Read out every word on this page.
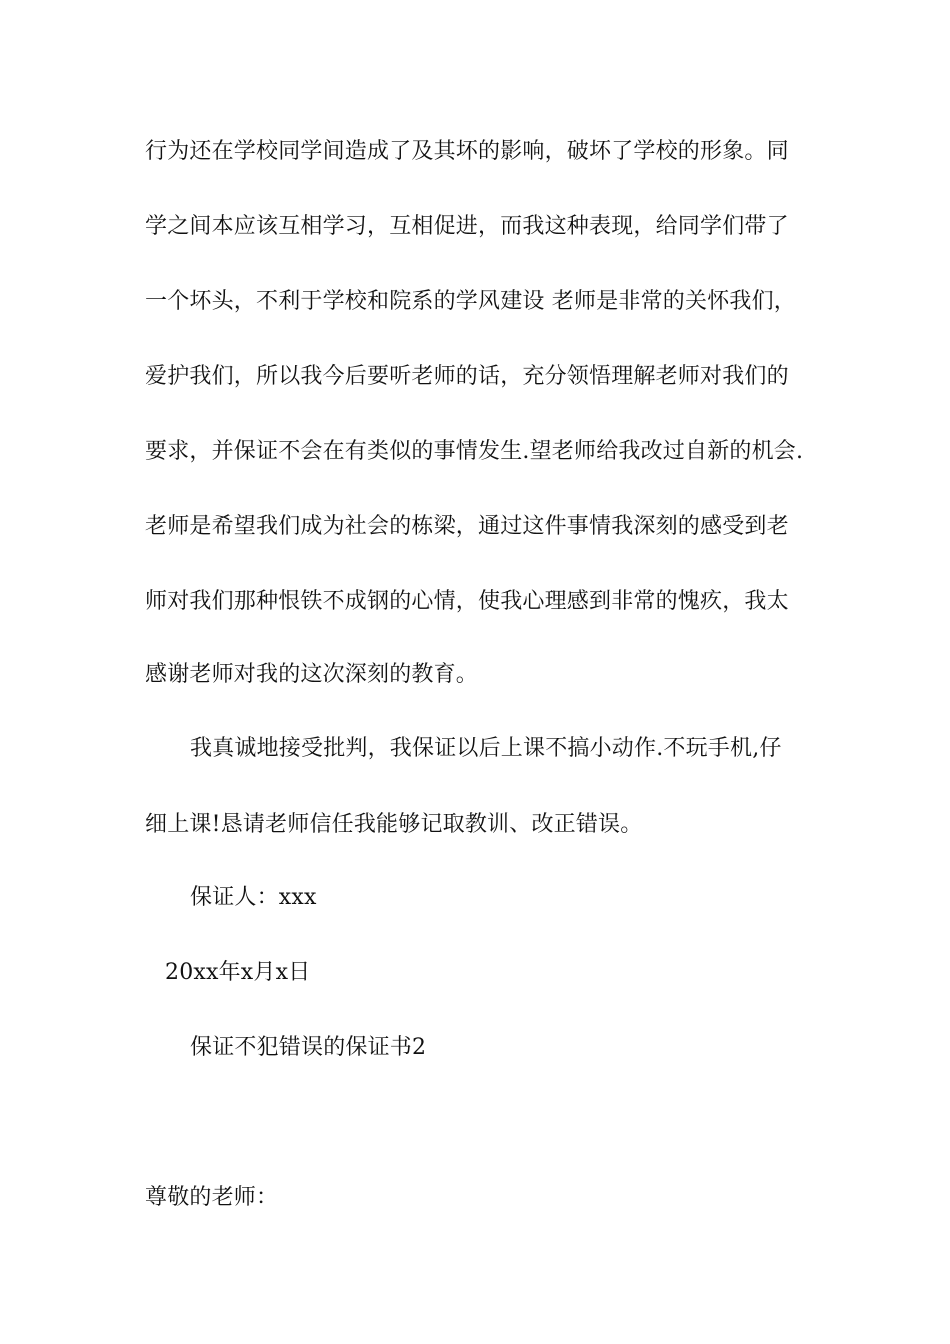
行为还在学校同学间造成了及其坏的影响，破坏了学校的形象。同
学之间本应该互相学习，互相促进，而我这种表现，给同学们带了
一个坏头，不利于学校和院系的学风建设 老师是非常的关怀我们，
爱护我们，所以我今后要听老师的话，充分领悟理解老师对我们的
要求，并保证不会在有类似的事情发生.望老师给我改过自新的机会.
老师是希望我们成为社会的栋梁，通过这件事情我深刻的感受到老
师对我们那种恨铁不成钢的心情，使我心理感到非常的愧疚，我太
感谢老师对我的这次深刻的教育。
我真诚地接受批判，我保证以后上课不搞小动作.不玩手机,仔
细上课!恳请老师信任我能够记取教训、改正错误。
保证人：xxx
20xx年x月x日
保证不犯错误的保证书2
尊敬的老师：
